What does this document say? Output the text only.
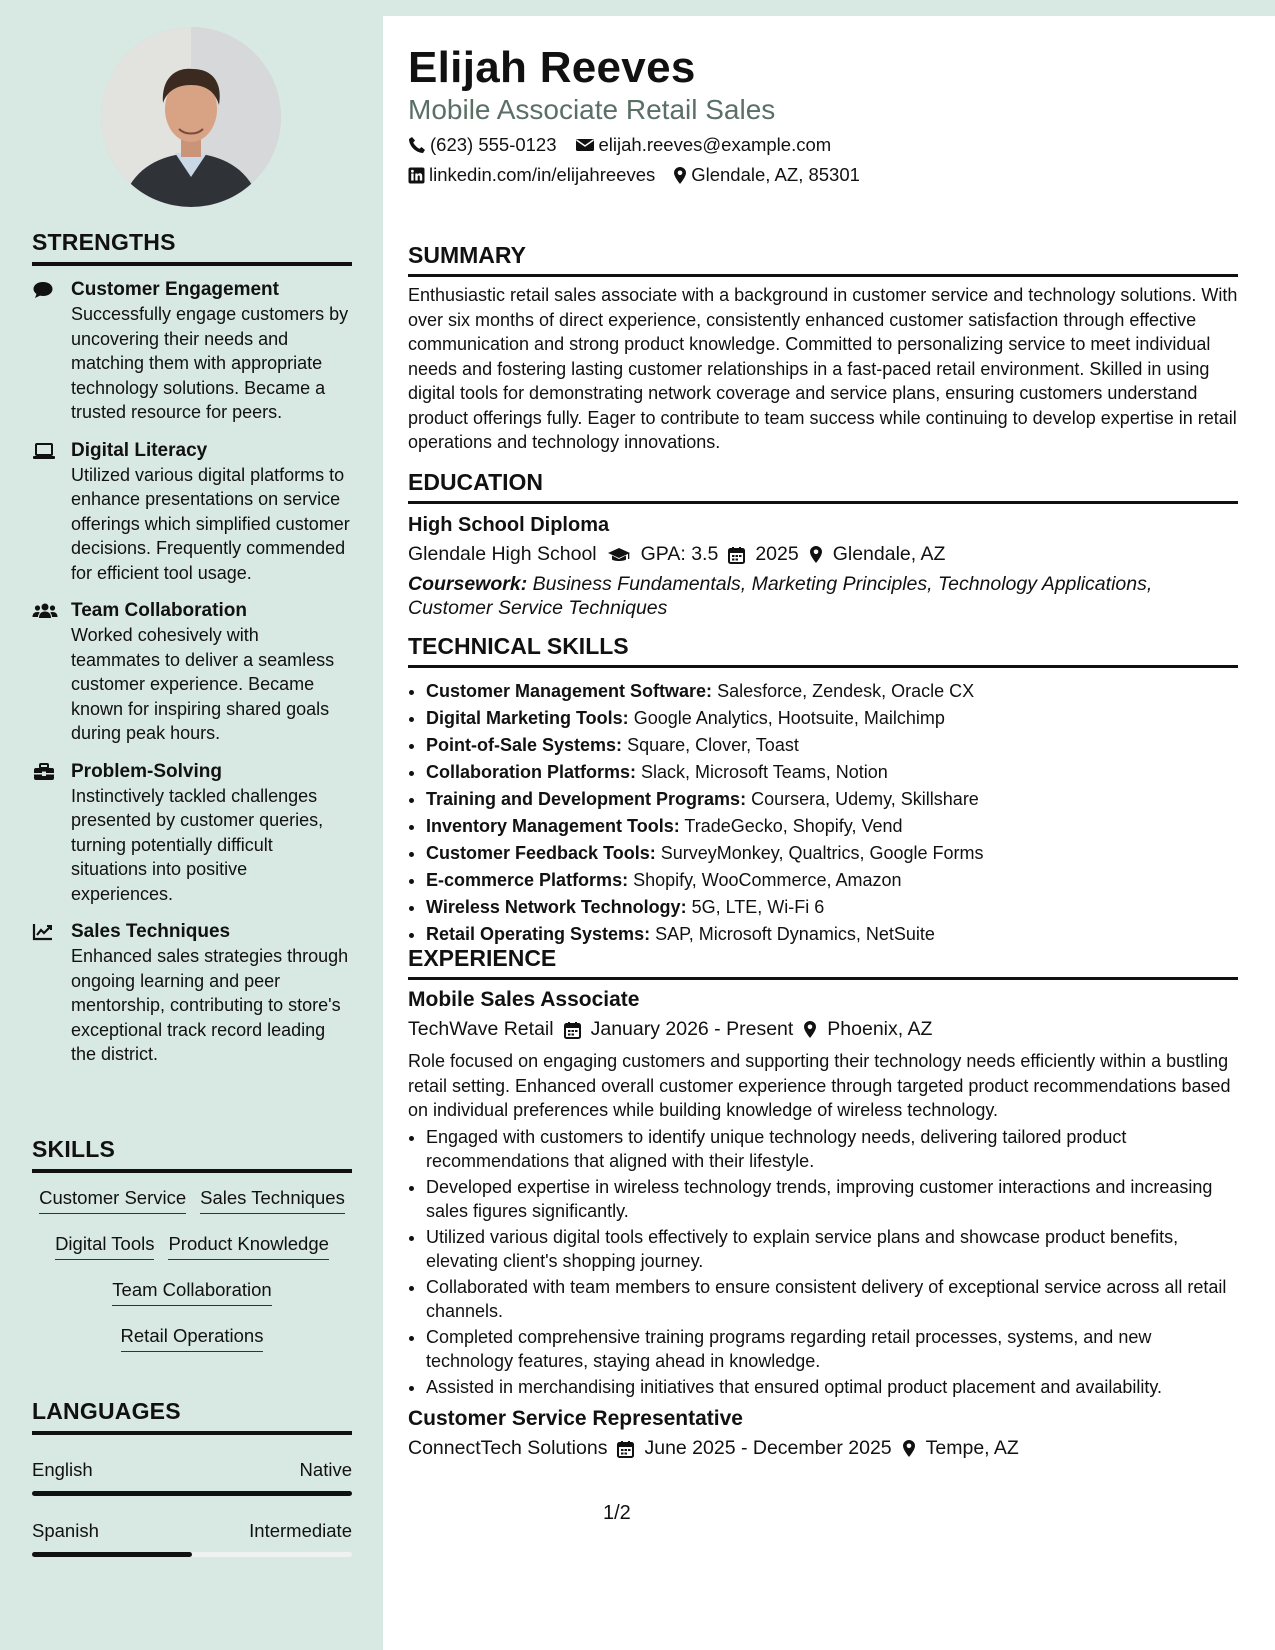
STRENGTHS
Customer Engagement
Successfully engage customers by uncovering their needs and matching them with appropriate technology solutions. Became a trusted resource for peers.
Digital Literacy
Utilized various digital platforms to enhance presentations on service offerings which simplified customer decisions. Frequently commended for efficient tool usage.
Team Collaboration
Worked cohesively with teammates to deliver a seamless customer experience. Became known for inspiring shared goals during peak hours.
Problem-Solving
Instinctively tackled challenges presented by customer queries, turning potentially difficult situations into positive experiences.
Sales Techniques
Enhanced sales strategies through ongoing learning and peer mentorship, contributing to store's exceptional track record leading the district.
SKILLS
Customer Service Sales Techniques
Digital Tools Product Knowledge
Team Collaboration
Retail Operations
LANGUAGES
English	Native
Spanish	Intermediate
Elijah Reeves
Mobile Associate Retail Sales
(623) 555-0123 elijah.reeves@example.com
linkedin.com/in/elijahreeves Glendale, AZ, 85301
SUMMARY
Enthusiastic retail sales associate with a background in customer service and technology solutions. With over six months of direct experience, consistently enhanced customer satisfaction through effective communication and strong product knowledge. Committed to personalizing service to meet individual needs and fostering lasting customer relationships in a fast-paced retail environment. Skilled in using digital tools for demonstrating network coverage and service plans, ensuring customers understand product offerings fully. Eager to contribute to team success while continuing to develop expertise in retail operations and technology innovations.
EDUCATION
High School Diploma
Glendale High School GPA: 3.5 2025 Glendale, AZ
Coursework: Business Fundamentals, Marketing Principles, Technology Applications, Customer Service Techniques
TECHNICAL SKILLS
• Customer Management Software: Salesforce, Zendesk, Oracle CX
• Digital Marketing Tools: Google Analytics, Hootsuite, Mailchimp
• Point-of-Sale Systems: Square, Clover, Toast
• Collaboration Platforms: Slack, Microsoft Teams, Notion
• Training and Development Programs: Coursera, Udemy, Skillshare
• Inventory Management Tools: TradeGecko, Shopify, Vend
• Customer Feedback Tools: SurveyMonkey, Qualtrics, Google Forms
• E-commerce Platforms: Shopify, WooCommerce, Amazon
• Wireless Network Technology: 5G, LTE, Wi-Fi 6
• Retail Operating Systems: SAP, Microsoft Dynamics, NetSuite
EXPERIENCE
Mobile Sales Associate
TechWave Retail January 2026 - Present Phoenix, AZ
Role focused on engaging customers and supporting their technology needs efficiently within a bustling retail setting. Enhanced overall customer experience through targeted product recommendations based on individual preferences while building knowledge of wireless technology.
• Engaged with customers to identify unique technology needs, delivering tailored product recommendations that aligned with their lifestyle.
• Developed expertise in wireless technology trends, improving customer interactions and increasing sales figures significantly.
• Utilized various digital tools effectively to explain service plans and showcase product benefits, elevating client's shopping journey.
• Collaborated with team members to ensure consistent delivery of exceptional service across all retail channels.
• Completed comprehensive training programs regarding retail processes, systems, and new technology features, staying ahead in knowledge.
• Assisted in merchandising initiatives that ensured optimal product placement and availability.
Customer Service Representative
ConnectTech Solutions June 2025 - December 2025 Tempe, AZ
1/2
